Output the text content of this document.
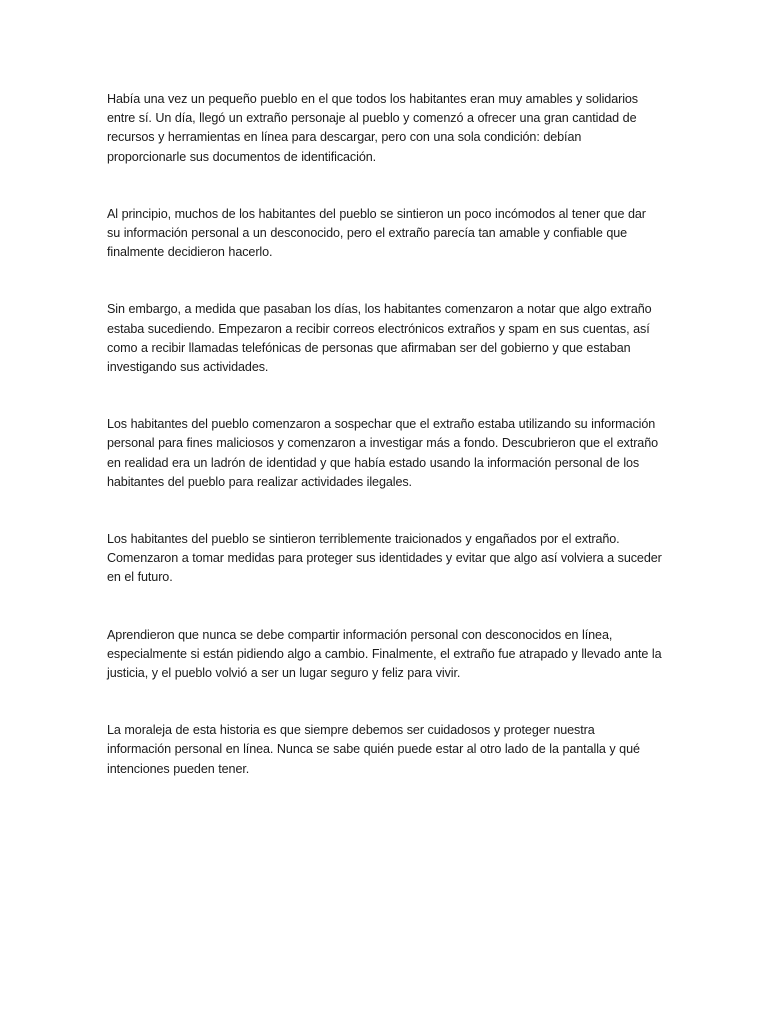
Había una vez un pequeño pueblo en el que todos los habitantes eran muy amables y solidarios entre sí. Un día, llegó un extraño personaje al pueblo y comenzó a ofrecer una gran cantidad de recursos y herramientas en línea para descargar, pero con una sola condición: debían proporcionarle sus documentos de identificación.

Al principio, muchos de los habitantes del pueblo se sintieron un poco incómodos al tener que dar su información personal a un desconocido, pero el extraño parecía tan amable y confiable que finalmente decidieron hacerlo.

Sin embargo, a medida que pasaban los días, los habitantes comenzaron a notar que algo extraño estaba sucediendo. Empezaron a recibir correos electrónicos extraños y spam en sus cuentas, así como a recibir llamadas telefónicas de personas que afirmaban ser del gobierno y que estaban investigando sus actividades.

Los habitantes del pueblo comenzaron a sospechar que el extraño estaba utilizando su información personal para fines maliciosos y comenzaron a investigar más a fondo. Descubrieron que el extraño en realidad era un ladrón de identidad y que había estado usando la información personal de los habitantes del pueblo para realizar actividades ilegales.

Los habitantes del pueblo se sintieron terriblemente traicionados y engañados por el extraño. Comenzaron a tomar medidas para proteger sus identidades y evitar que algo así volviera a suceder en el futuro.

Aprendieron que nunca se debe compartir información personal con desconocidos en línea, especialmente si están pidiendo algo a cambio. Finalmente, el extraño fue atrapado y llevado ante la justicia, y el pueblo volvió a ser un lugar seguro y feliz para vivir.

La moraleja de esta historia es que siempre debemos ser cuidadosos y proteger nuestra información personal en línea. Nunca se sabe quién puede estar al otro lado de la pantalla y qué intenciones pueden tener.
